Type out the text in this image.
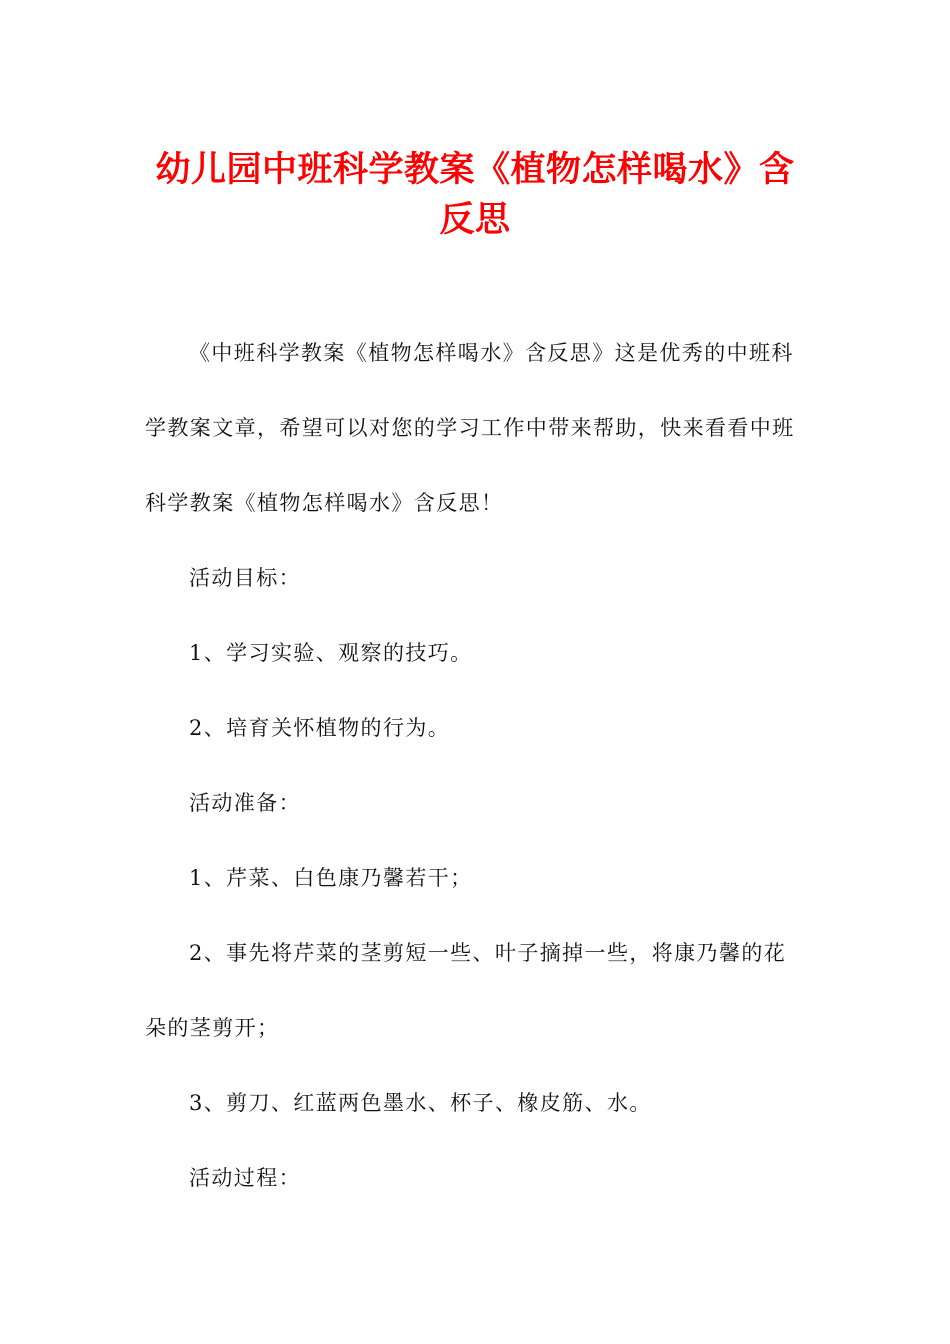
幼儿园中班科学教案《植物怎样喝水》含反思

《中班科学教案《植物怎样喝水》含反思》这是优秀的中班科学教案文章，希望可以对您的学习工作中带来帮助，快来看看中班科学教案《植物怎样喝水》含反思！

活动目标：

1、学习实验、观察的技巧。

2、培育关怀植物的行为。

活动准备：

1、芹菜、白色康乃馨若干；

2、事先将芹菜的茎剪短一些、叶子摘掉一些，将康乃馨的花朵的茎剪开；

3、剪刀、红蓝两色墨水、杯子、橡皮筋、水。

活动过程：
